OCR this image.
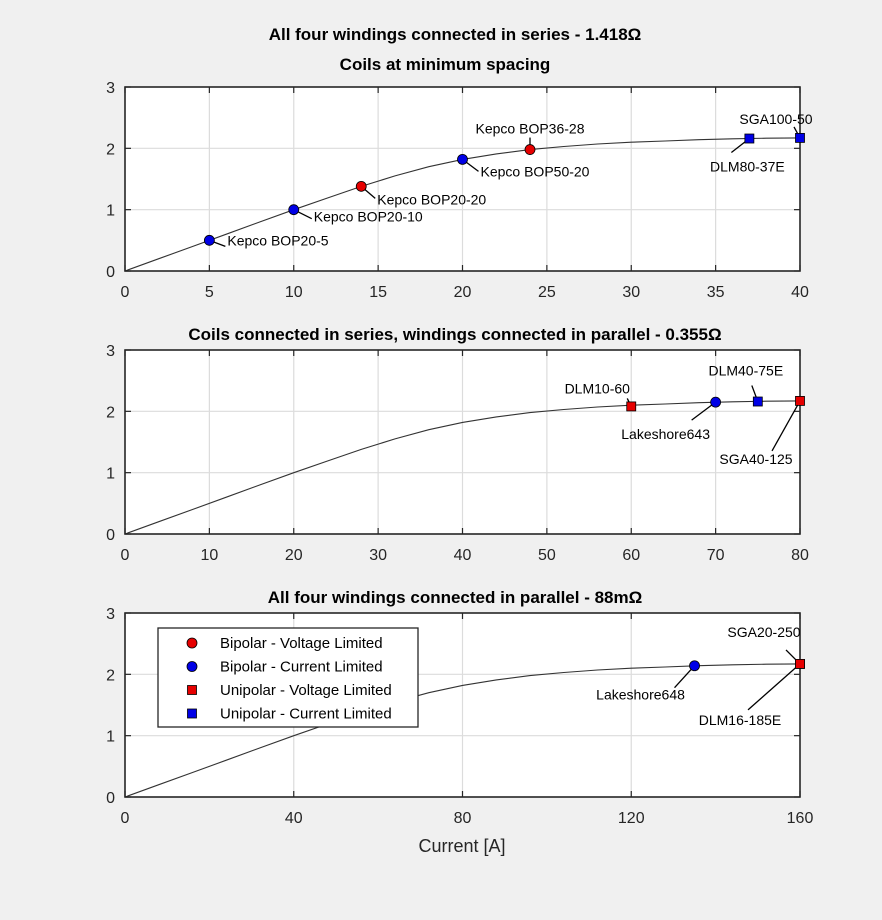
0	5	10	15	20	25	30	35	40
0
1
2
3
All four windings connected in series - 1.418Ω
Coils at minimum spacing
Kepco BOP20-5
Kepco BOP20-10
Kepco BOP20-20
Kepco BOP50-20
Kepco BOP36-28
DLM80-37E
SGA100-50
0	10	20	30	40	50	60	70	80
0
1
2
3
Coils connected in series, windings connected in parallel - 0.355Ω
DLM10-60
Lakeshore643
DLM40-75E
SGA40-125
0	40	80	120	160
0
1
2
3
All four windings connected in parallel - 88mΩ
Current [A]
Lakeshore648
SGA20-250
DLM16-185E
Bipolar - Voltage Limited
Bipolar - Current Limited
Unipolar - Voltage Limited
Unipolar - Current Limited
